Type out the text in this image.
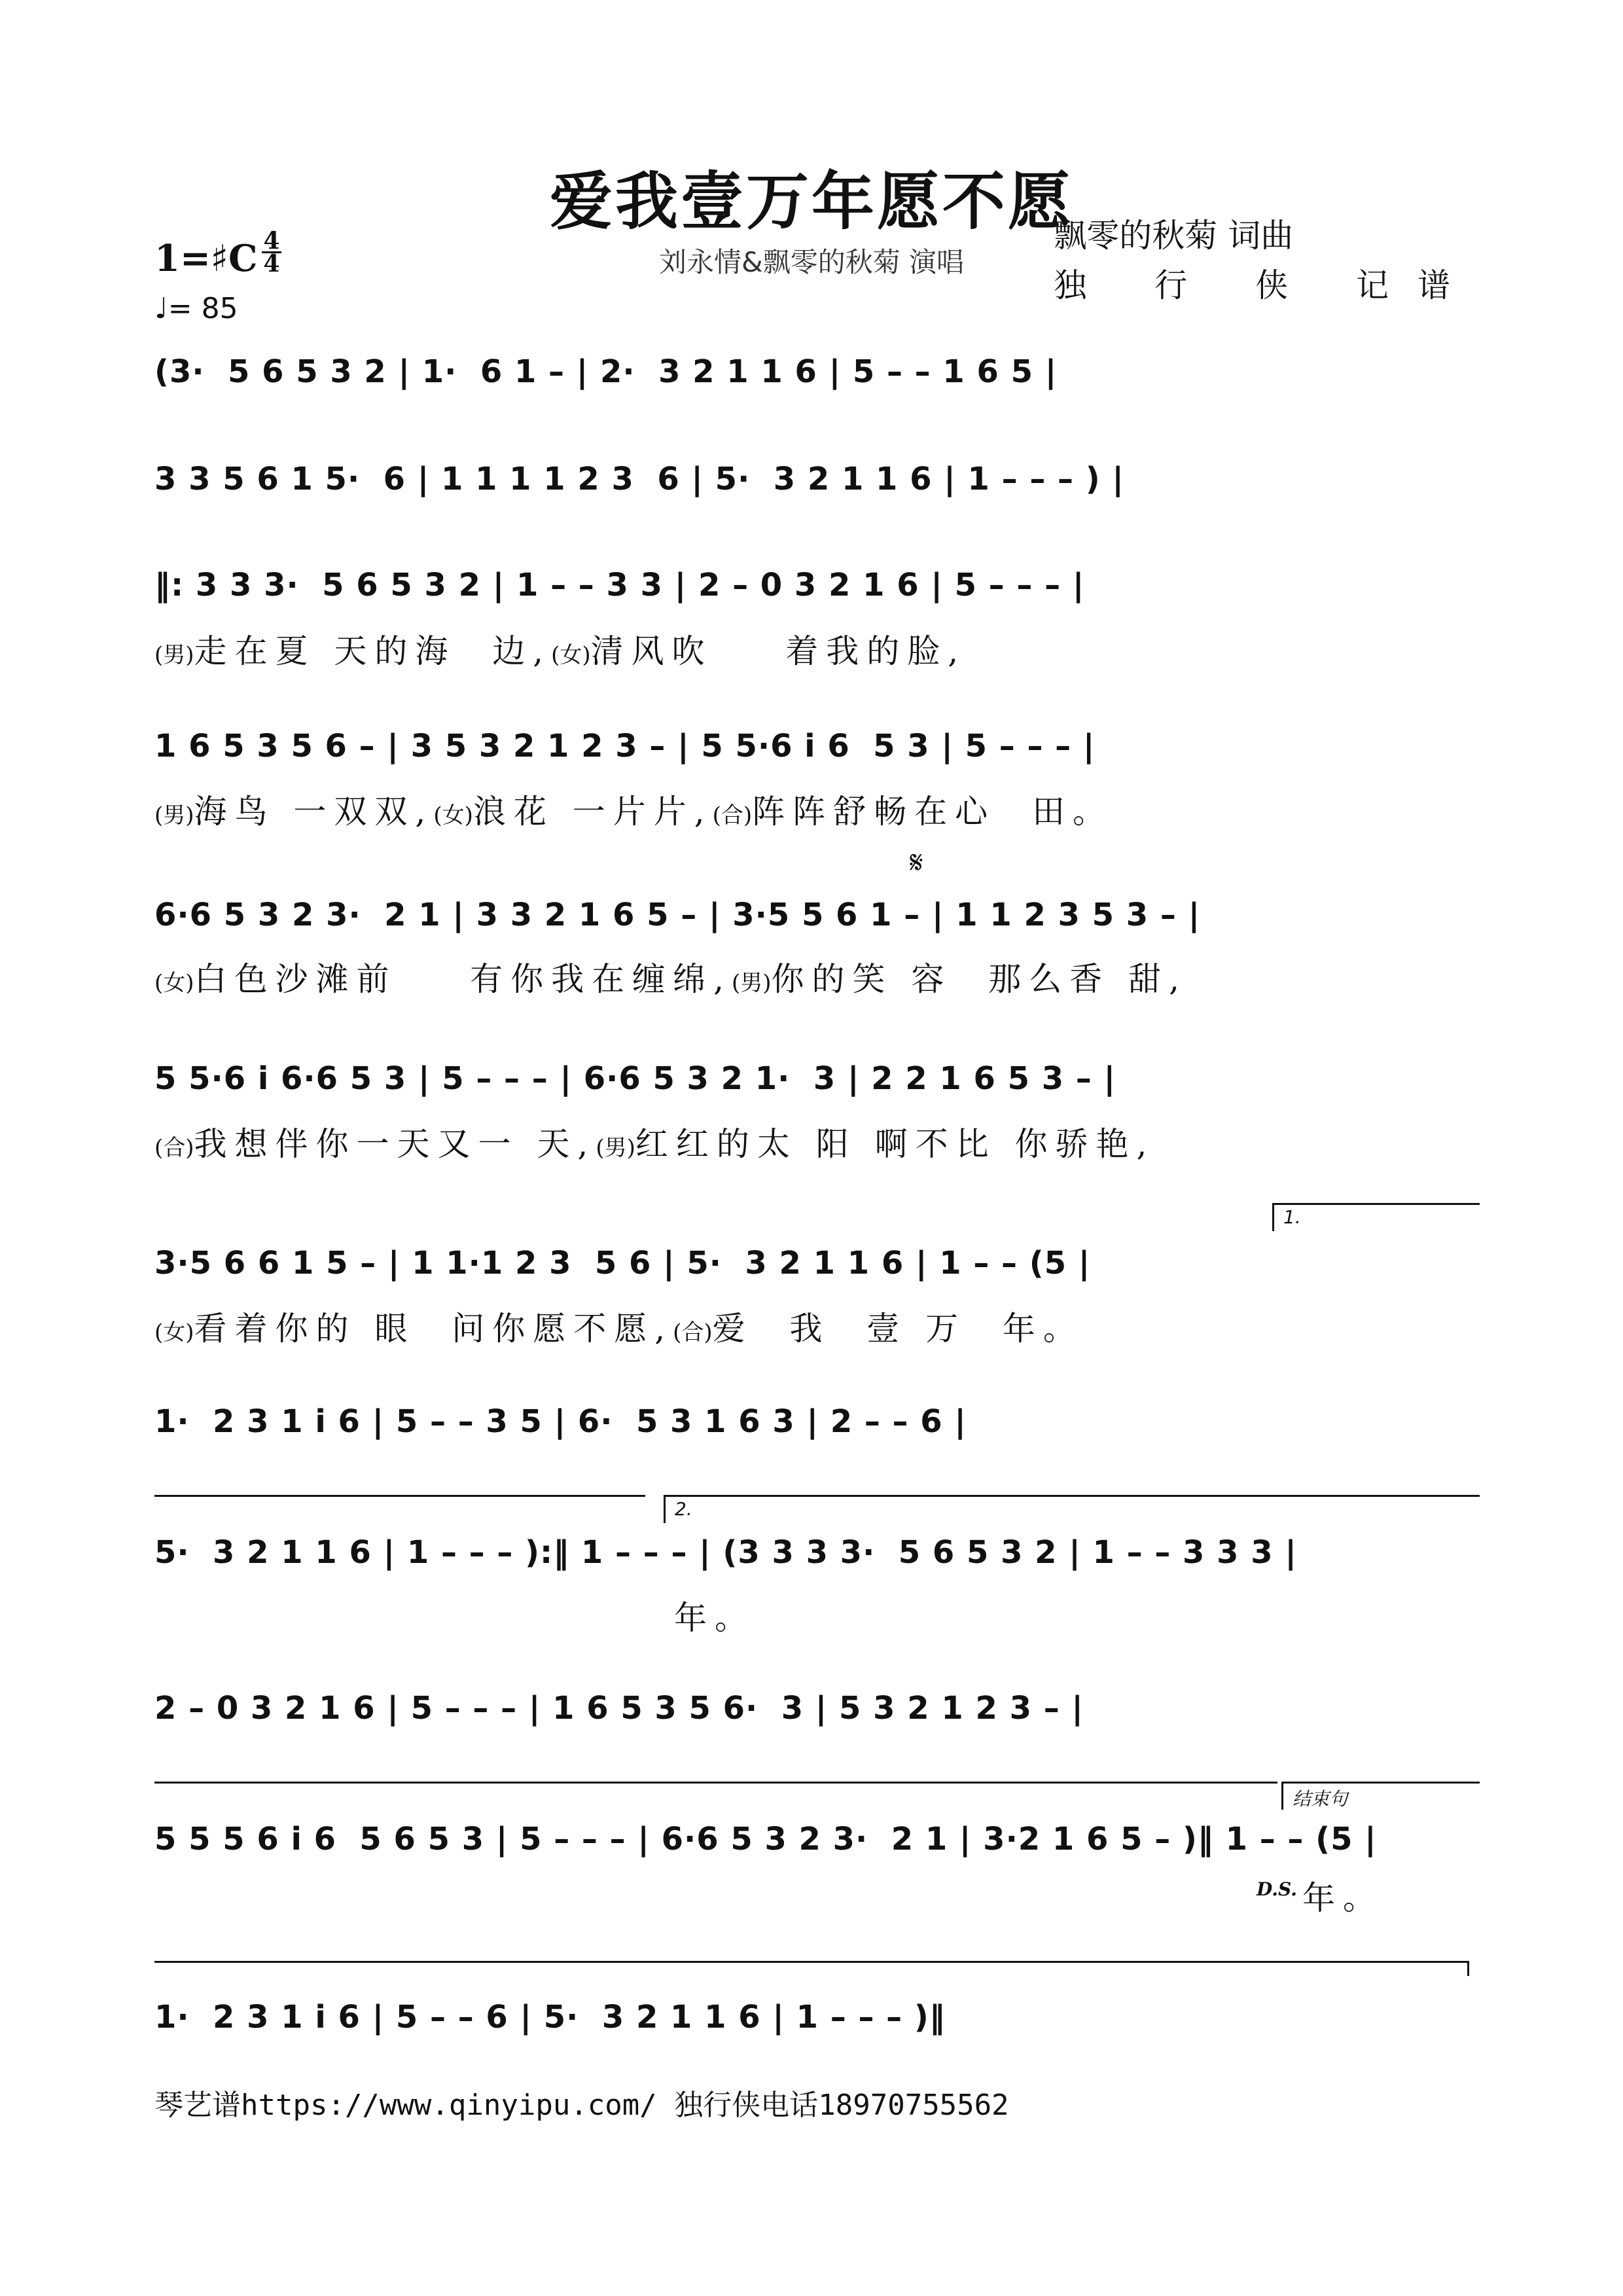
爱我壹万年愿不愿
刘永情&飘零的秋菊 演唱
飘零的秋菊 词曲
独 行 侠 记谱
1=♯C 4
4
♩= 85
(3·  5 6 5 3 2 | 1·  6 1 – | 2·  3 2 1 1 6 | 5 – – 1 6 5 |
3 3 5 6 1 5·  6 | 1 1 1 1 2 3  6 | 5·  3 2 1 1 6 | 1 – – – ) |
‖: 3 3 3·  5 6 5 3 2 | 1 – – 3 3 | 2 – 0 3 2 1 6 | 5 – – – |
(男)走在夏 天的海  边,(女)清风吹    着我的脸,
1 6 5 3 5 6 – | 3 5 3 2 1 2 3 – | 5 5·6 i 6  5 3 | 5 – – – |
(男)海鸟 一双双,(女)浪花 一片片,(合)阵阵舒畅在心  田。
𝄋
6·6 5 3 2 3·  2 1 | 3 3 2 1 6 5 – | 3·5 5 6 1 – | 1 1 2 3 5 3 – |
(女)白色沙滩前    有你我在缠绵,(男)你的笑 容  那么香 甜,
5 5·6 i 6·6 5 3 | 5 – – – | 6·6 5 3 2 1·  3 | 2 2 1 6 5 3 – |
(合)我想伴你一天又一 天,(男)红红的太 阳 啊不比 你骄艳,
1.
3·5 6 6 1 5 – | 1 1·1 2 3  5 6 | 5·  3 2 1 1 6 | 1 – – (5 |
(女)看着你的 眼  问你愿不愿,(合)爱  我  壹 万  年。
1·  2 3 1 i 6 | 5 – – 3 5 | 6·  5 3 1 6 3 | 2 – – 6 |
2.
5·  3 2 1 1 6 | 1 – – – ):‖ 1 – – – | (3 3 3 3·  5 6 5 3 2 | 1 – – 3 3 3 |
年。
2 – 0 3 2 1 6 | 5 – – – | 1 6 5 3 5 6·  3 | 5 3 2 1 2 3 – |
结束句
5 5 5 6 i 6  5 6 5 3 | 5 – – – | 6·6 5 3 2 3·  2 1 | 3·2 1 6 5 – )‖ 1 – – (5 |
D.S. 年。
1·  2 3 1 i 6 | 5 – – 6 | 5·  3 2 1 1 6 | 1 – – – )‖
琴艺谱https://www.qinyipu.com/ 独行侠电话18970755562
